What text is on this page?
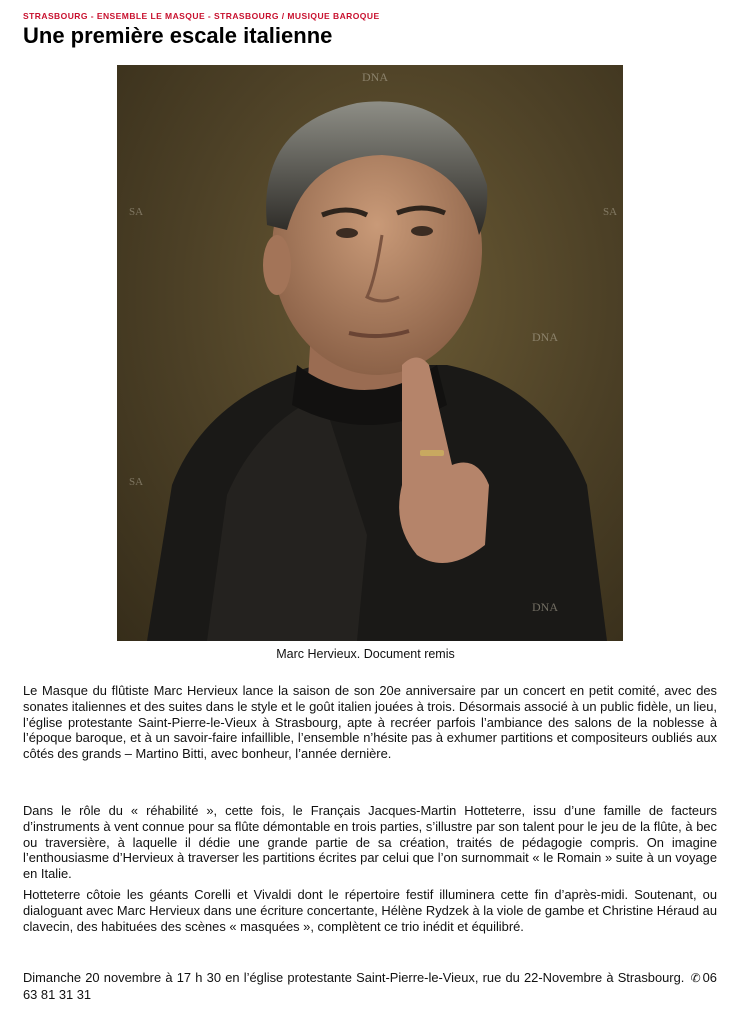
STRASBOURG - ENSEMBLE LE MASQUE - STRASBOURG / MUSIQUE BAROQUE
Une première escale italienne
DNA
DNA
DNA
SA	SA
SA
Marc Hervieux. Document remis

Le Masque du flûtiste Marc Hervieux lance la saison de son 20e anniversaire par un concert en petit comité, avec des sonates italiennes et des suites dans le style et le goût italien jouées à trois. Désormais associé à un public fidèle, un lieu, l’église protestante Saint-Pierre-le-Vieux à Strasbourg, apte à recréer parfois l’ambiance des salons de la noblesse à l’époque baroque, et à un savoir-faire infaillible, l’ensemble n’hésite pas à exhumer partitions et compositeurs oubliés aux côtés des grands – Martino Bitti, avec bonheur, l’année dernière.

Dans le rôle du « réhabilité », cette fois, le Français Jacques-Martin Hotteterre, issu d’une famille de facteurs d’instruments à vent connue pour sa flûte démontable en trois parties, s’illustre par son talent pour le jeu de la flûte, à bec ou traversière, à laquelle il dédie une grande partie de sa création, traités de pédagogie compris. On imagine l’enthousiasme d’Hervieux à traverser les partitions écrites par celui que l’on surnommait « le Romain » suite à un voyage en Italie.

Hotteterre côtoie les géants Corelli et Vivaldi dont le répertoire festif illuminera cette fin d’après-midi. Soutenant, ou dialoguant avec Marc Hervieux dans une écriture concertante, Hélène Rydzek à la viole de gambe et Christine Héraud au clavecin, des habituées des scènes « masquées », complètent ce trio inédit et équilibré.

Dimanche 20 novembre à 17 h 30 en l’église protestante Saint-Pierre-le-Vieux, rue du 22-Novembre à Strasbourg. ✆ 06 63 81 31 31
